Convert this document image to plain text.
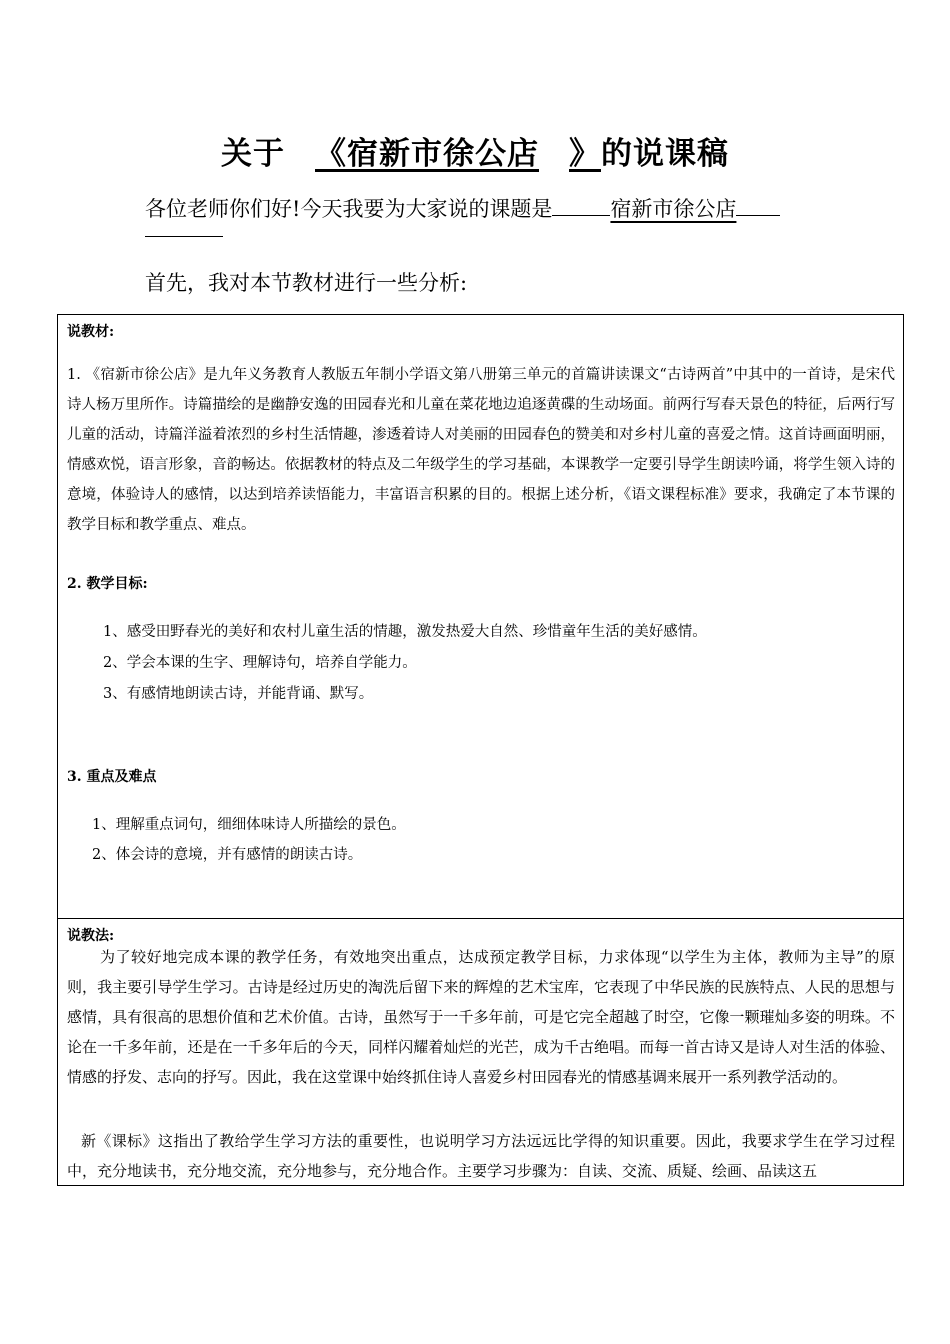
关于 《宿新市徐公店 》的说课稿
各位老师你们好!今天我要为大家说的课题是	宿新市徐公店
首先，我对本节教材进行一些分析:
说教材:
1. 《宿新市徐公店》是九年义务教育人教版五年制小学语文第八册第三单元的首篇讲读课文“古诗两首”中其中的一首诗，是宋代诗人杨万里所作。诗篇描绘的是幽静安逸的田园春光和儿童在菜花地边追逐黄碟的生动场面。前两行写春天景色的特征，后两行写儿童的活动，诗篇洋溢着浓烈的乡村生活情趣，渗透着诗人对美丽的田园春色的赞美和对乡村儿童的喜爱之情。这首诗画面明丽，情感欢悦，语言形象，音韵畅达。依据教材的特点及二年级学生的学习基础，本课教学一定要引导学生朗读吟诵，将学生领入诗的意境，体验诗人的感情，以达到培养读悟能力，丰富语言积累的目的。根据上述分析，《语文课程标准》要求，我确定了本节课的教学目标和教学重点、难点。
2. 教学目标:
1、感受田野春光的美好和农村儿童生活的情趣，激发热爱大自然、珍惜童年生活的美好感情。
2、学会本课的生字、理解诗句，培养自学能力。
3、有感情地朗读古诗，并能背诵、默写。
3. 重点及难点
1、理解重点词句，细细体味诗人所描绘的景色。
2、体会诗的意境，并有感情的朗读古诗。
说教法:
为了较好地完成本课的教学任务，有效地突出重点，达成预定教学目标，力求体现“以学生为主体，教师为主导”的原则，我主要引导学生学习。古诗是经过历史的淘洗后留下来的辉煌的艺术宝库，它表现了中华民族的民族特点、人民的思想与感情，具有很高的思想价值和艺术价值。古诗，虽然写于一千多年前，可是它完全超越了时空，它像一颗璀灿多姿的明珠。不论在一千多年前，还是在一千多年后的今天，同样闪耀着灿烂的光芒，成为千古绝唱。而每一首古诗又是诗人对生活的体验、情感的抒发、志向的抒写。因此，我在这堂课中始终抓住诗人喜爱乡村田园春光的情感基调来展开一系列教学活动的。
新《课标》这指出了教给学生学习方法的重要性，也说明学习方法远远比学得的知识重要。因此，我要求学生在学习过程中，充分地读书，充分地交流，充分地参与，充分地合作。主要学习步骤为：自读、交流、质疑、绘画、品读这五
